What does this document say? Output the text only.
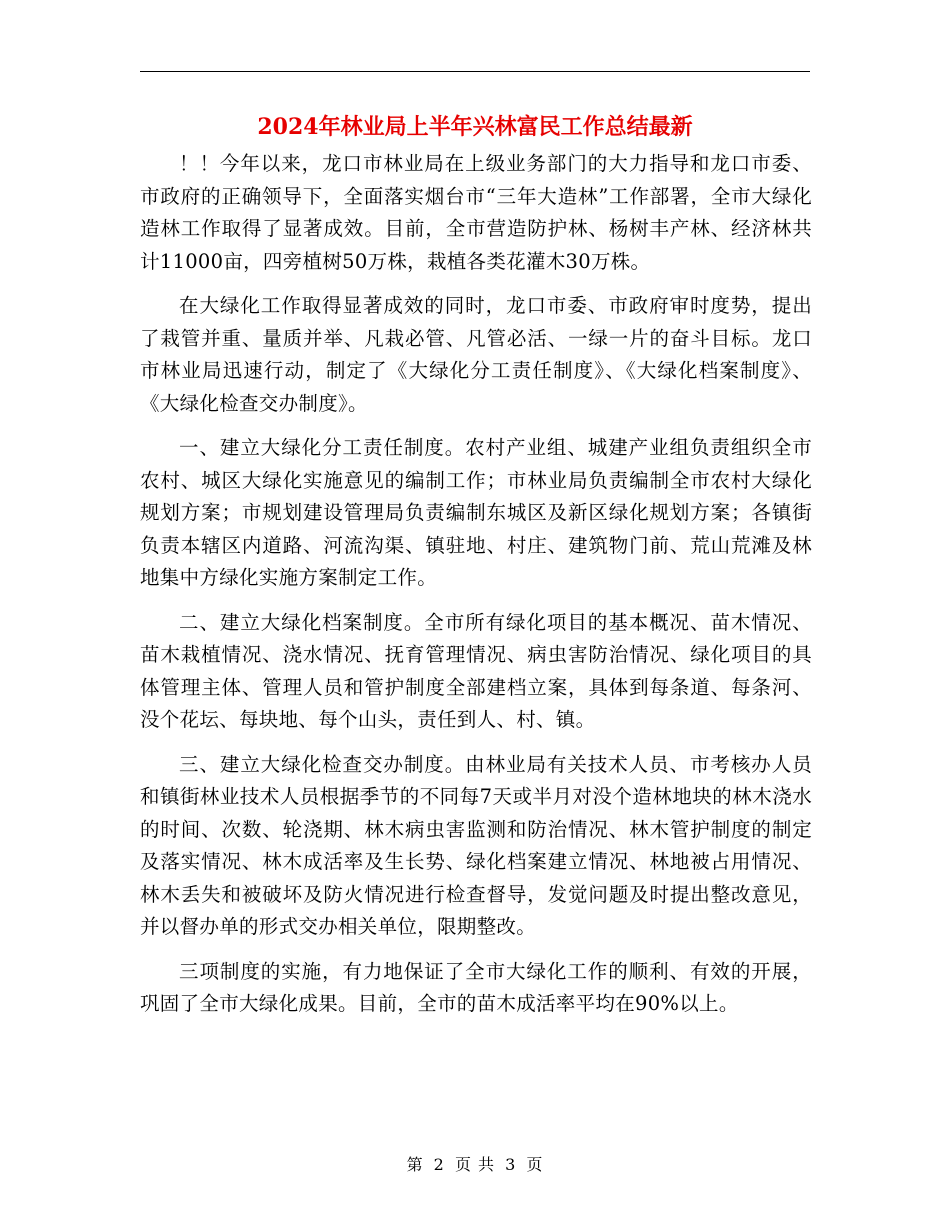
2024年林业局上半年兴林富民工作总结最新

！！今年以来，龙口市林业局在上级业务部门的大力指导和龙口市委、市政府的正确领导下，全面落实烟台市“三年大造林”工作部署，全市大绿化造林工作取得了显著成效。目前，全市营造防护林、杨树丰产林、经济林共计11000亩，四旁植树50万株，栽植各类花灌木30万株。

在大绿化工作取得显著成效的同时，龙口市委、市政府审时度势，提出了栽管并重、量质并举、凡栽必管、凡管必活、一绿一片的奋斗目标。龙口市林业局迅速行动，制定了《大绿化分工责任制度》、《大绿化档案制度》、《大绿化检查交办制度》。

一、建立大绿化分工责任制度。农村产业组、城建产业组负责组织全市农村、城区大绿化实施意见的编制工作；市林业局负责编制全市农村大绿化规划方案；市规划建设管理局负责编制东城区及新区绿化规划方案；各镇街负责本辖区内道路、河流沟渠、镇驻地、村庄、建筑物门前、荒山荒滩及林地集中方绿化实施方案制定工作。

二、建立大绿化档案制度。全市所有绿化项目的基本概况、苗木情况、苗木栽植情况、浇水情况、抚育管理情况、病虫害防治情况、绿化项目的具体管理主体、管理人员和管护制度全部建档立案，具体到每条道、每条河、没个花坛、每块地、每个山头，责任到人、村、镇。

三、建立大绿化检查交办制度。由林业局有关技术人员、市考核办人员和镇街林业技术人员根据季节的不同每7天或半月对没个造林地块的林木浇水的时间、次数、轮浇期、林木病虫害监测和防治情况、林木管护制度的制定及落实情况、林木成活率及生长势、绿化档案建立情况、林地被占用情况、林木丢失和被破坏及防火情况进行检查督导，发觉问题及时提出整改意见，并以督办单的形式交办相关单位，限期整改。

三项制度的实施，有力地保证了全市大绿化工作的顺利、有效的开展，巩固了全市大绿化成果。目前，全市的苗木成活率平均在90%以上。

第 2 页 共 3 页
